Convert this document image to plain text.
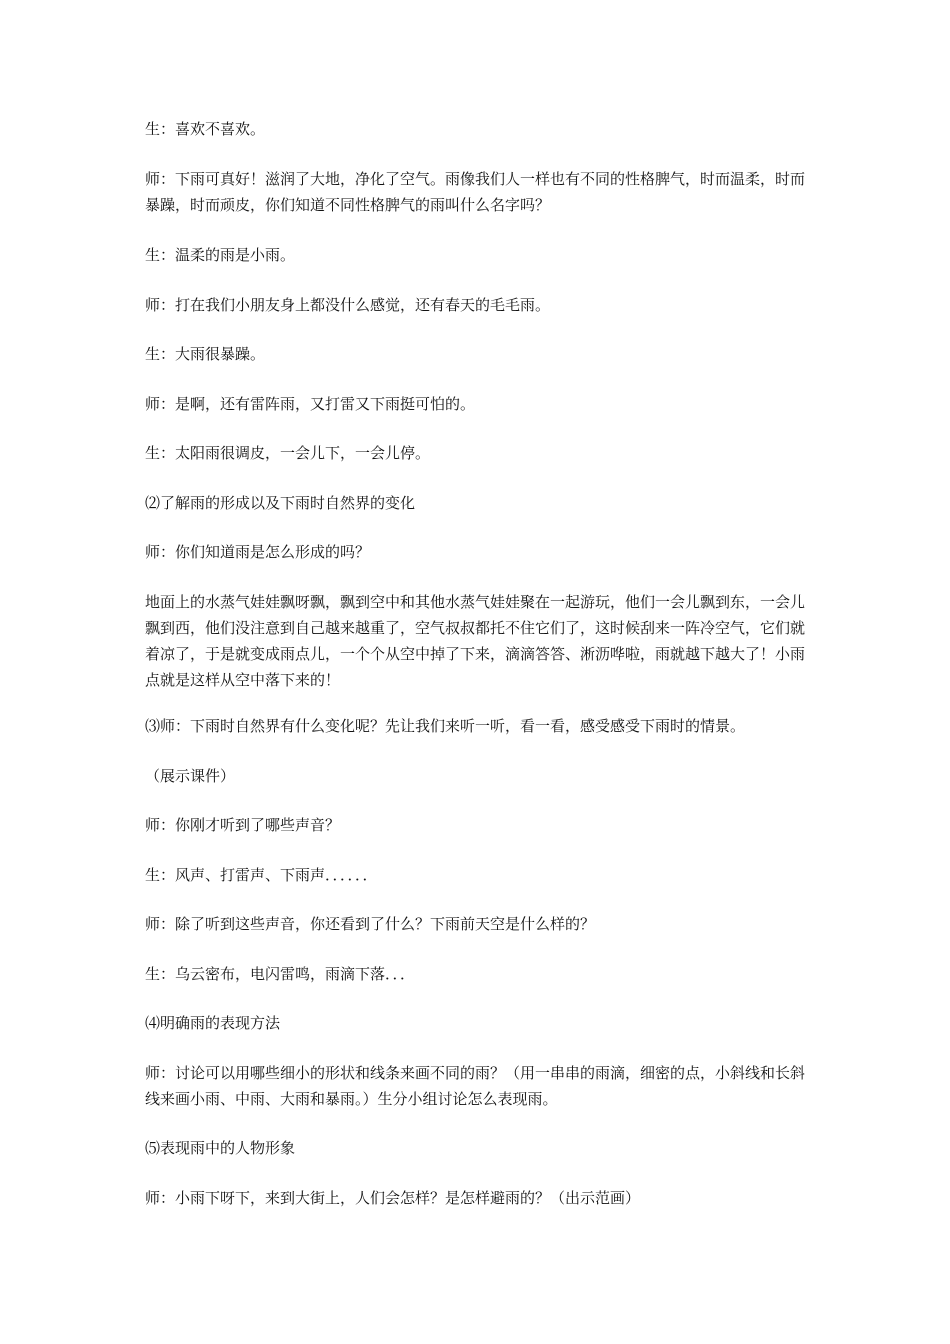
生：喜欢不喜欢。

师：下雨可真好！滋润了大地，净化了空气。雨像我们人一样也有不同的性格脾气，时而温柔，时而暴躁，时而顽皮，你们知道不同性格脾气的雨叫什么名字吗？

生：温柔的雨是小雨。

师：打在我们小朋友身上都没什么感觉，还有春天的毛毛雨。

生：大雨很暴躁。

师：是啊，还有雷阵雨，又打雷又下雨挺可怕的。

生：太阳雨很调皮，一会儿下，一会儿停。

⑵了解雨的形成以及下雨时自然界的变化

师：你们知道雨是怎么形成的吗？

地面上的水蒸气娃娃飘呀飘，飘到空中和其他水蒸气娃娃聚在一起游玩，他们一会儿飘到东，一会儿飘到西，他们没注意到自己越来越重了，空气叔叔都托不住它们了，这时候刮来一阵冷空气，它们就着凉了，于是就变成雨点儿，一个个从空中掉了下来，滴滴答答、淅沥哗啦，雨就越下越大了！小雨点就是这样从空中落下来的！

⑶师：下雨时自然界有什么变化呢？先让我们来听一听，看一看，感受感受下雨时的情景。

（展示课件）

师：你刚才听到了哪些声音？

生：风声、打雷声、下雨声．．．．．．

师：除了听到这些声音，你还看到了什么？下雨前天空是什么样的？

生：乌云密布，电闪雷鸣，雨滴下落．．．

⑷明确雨的表现方法

师：讨论可以用哪些细小的形状和线条来画不同的雨？（用一串串的雨滴，细密的点，小斜线和长斜线来画小雨、中雨、大雨和暴雨。）生分小组讨论怎么表现雨。

⑸表现雨中的人物形象

师：小雨下呀下，来到大街上，人们会怎样？是怎样避雨的？（出示范画）
